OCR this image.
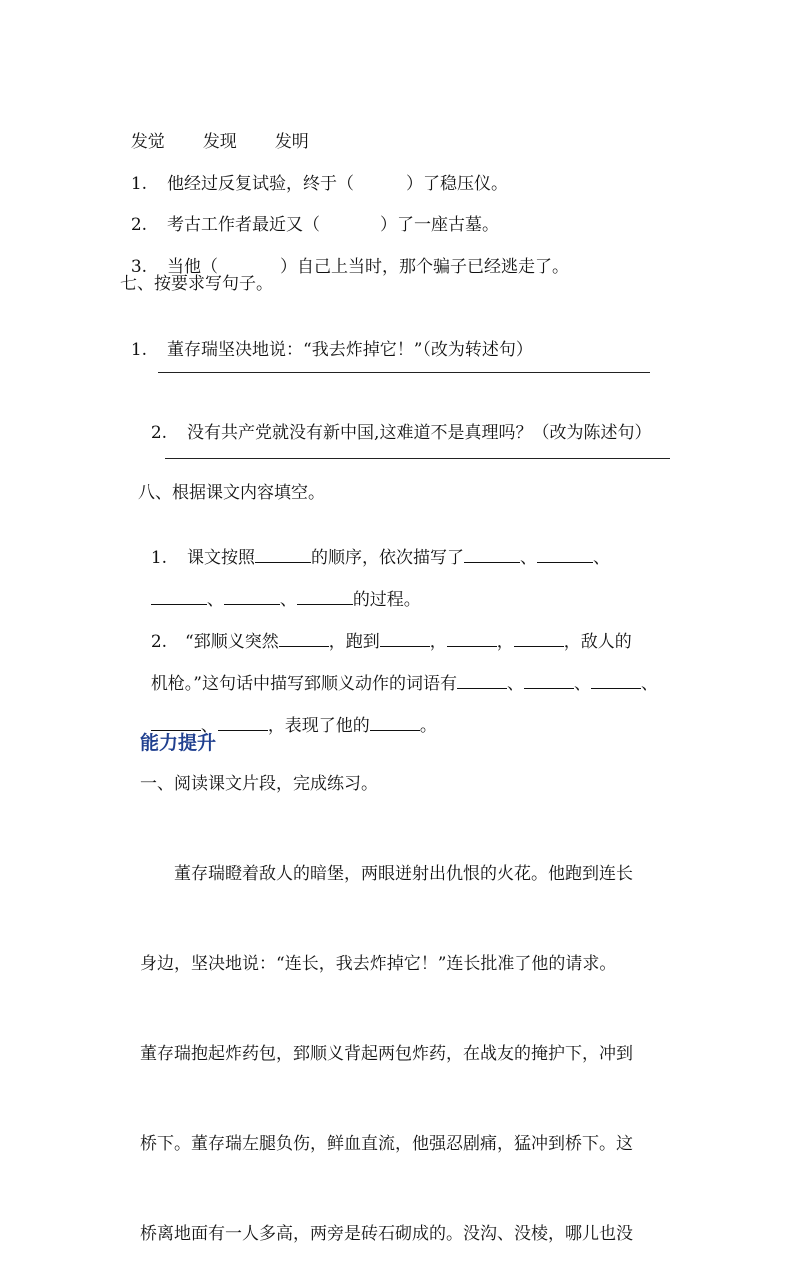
发觉 发现 发明

1. 他经过反复试验，终于（	）了稳压仪。

2. 考古工作者最近又（	）了一座古墓。

3. 当他（	）自己上当时，那个骗子已经逃走了。

七、按要求写句子。

1. 董存瑞坚决地说：“我去炸掉它！”（改为转述句）

2. 没有共产党就没有新中国,这难道不是真理吗？（改为陈述句）

八、根据课文内容填空。

1. 课文按照	的顺序，依次描写了	、	、

、	、	的过程。

2. “郅顺义突然	，跑到	，	，	，敌人的

机枪。”这句话中描写郅顺义动作的词语有	、	、	、

、	，表现了他的	。

能力提升
一、阅读课文片段，完成练习。

董存瑞瞪着敌人的暗堡，两眼迸射出仇恨的火花。他跑到连长

身边，坚决地说：“连长，我去炸掉它！”连长批准了他的请求。

董存瑞抱起炸药包，郅顺义背起两包炸药，在战友的掩护下，冲到

桥下。董存瑞左腿负伤，鲜血直流，他强忍剧痛，猛冲到桥下。这

桥离地面有一人多高，两旁是砖石砌成的。没沟、没棱，哪儿也没
